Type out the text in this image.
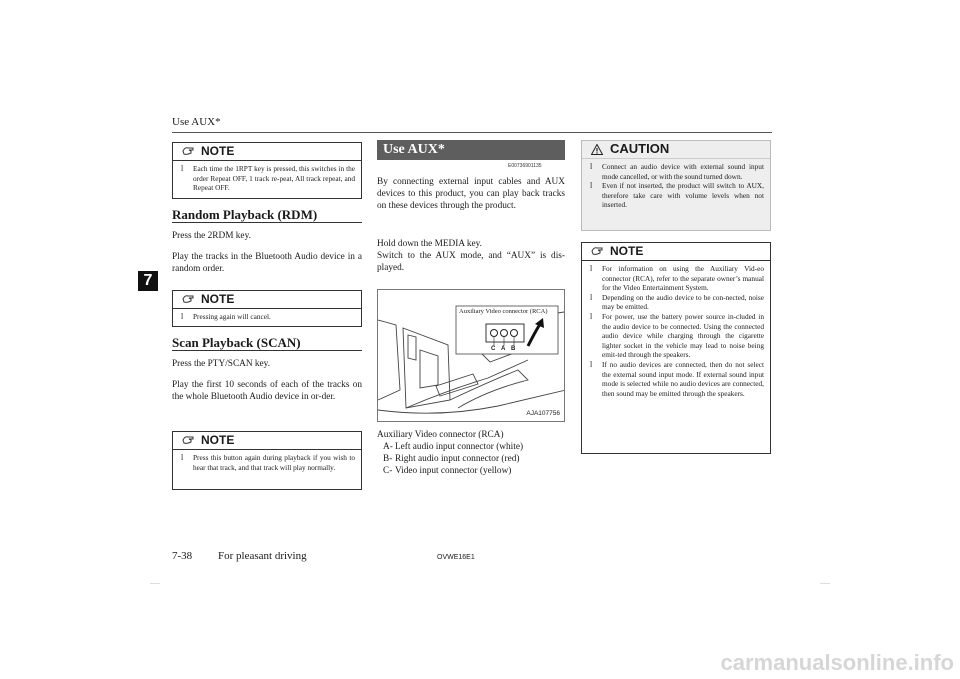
Use AUX*
7
NOTE
l Each time the 1RPT key is pressed, this switches in the order Repeat OFF, 1 track re-peat, All track repeat, and Repeat OFF.
Random Playback (RDM)
Press the 2RDM key.
Play the tracks in the Bluetooth Audio device in a random order.
NOTE
l Pressing again will cancel.
Scan Playback (SCAN)
Press the PTY/SCAN key.
Play the first 10 seconds of each of the tracks on the whole Bluetooth Audio device in or-der.
NOTE
l Press this button again during playback if you wish to hear that track, and that track will play normally.
Use AUX*
E00736901135
By connecting external input cables and AUX devices to this product, you can play back tracks on these devices through the product.
Hold down the MEDIA key.
Switch to the AUX mode, and “AUX” is dis-played.
Auxiliary Video connector (RCA)
C A B
AJA107756
Auxiliary Video connector (RCA)
A- Left audio input connector (white)
B- Right audio input connector (red)
C- Video input connector (yellow)
CAUTION
l Connect an audio device with external sound input mode cancelled, or with the sound turned down.
l Even if not inserted, the product will switch to AUX, therefore take care with volume levels when not inserted.
NOTE
l For information on using the Auxiliary Vid-eo connector (RCA), refer to the separate owner’s manual for the Video Entertainment System.
l Depending on the audio device to be con-nected, noise may be emitted.
l For power, use the battery power source in-cluded in the audio device to be connected. Using the connected audio device while charging through the cigarette lighter socket in the vehicle may lead to noise being emit-ted through the speakers.
l If no audio devices are connected, then do not select the external sound input mode. If external sound input mode is selected while no audio devices are connected, then sound may be emitted through the speakers.
7-38 For pleasant driving	OVWE16E1
carmanualsonline.info
